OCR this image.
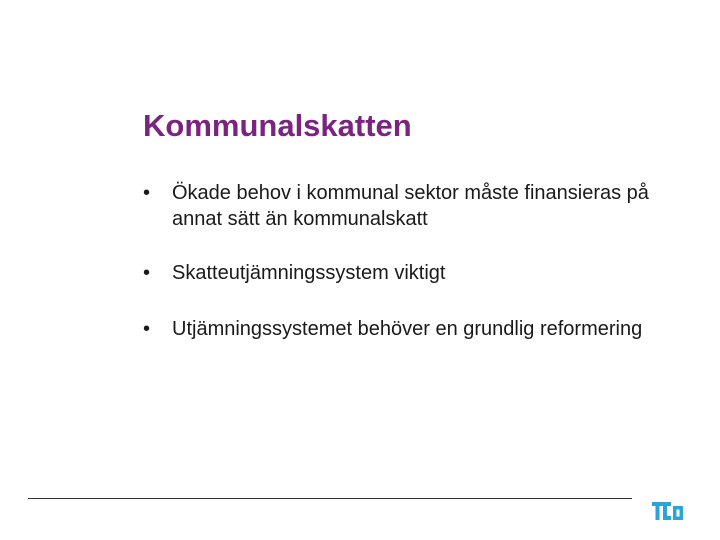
Kommunalskatten
•	Ökade behov i kommunal sektor måste finansieras på annat sätt än kommunalskatt
•	Skatteutjämningssystem viktigt
•	Utjämningssystemet behöver en grundlig reformering
TCO
